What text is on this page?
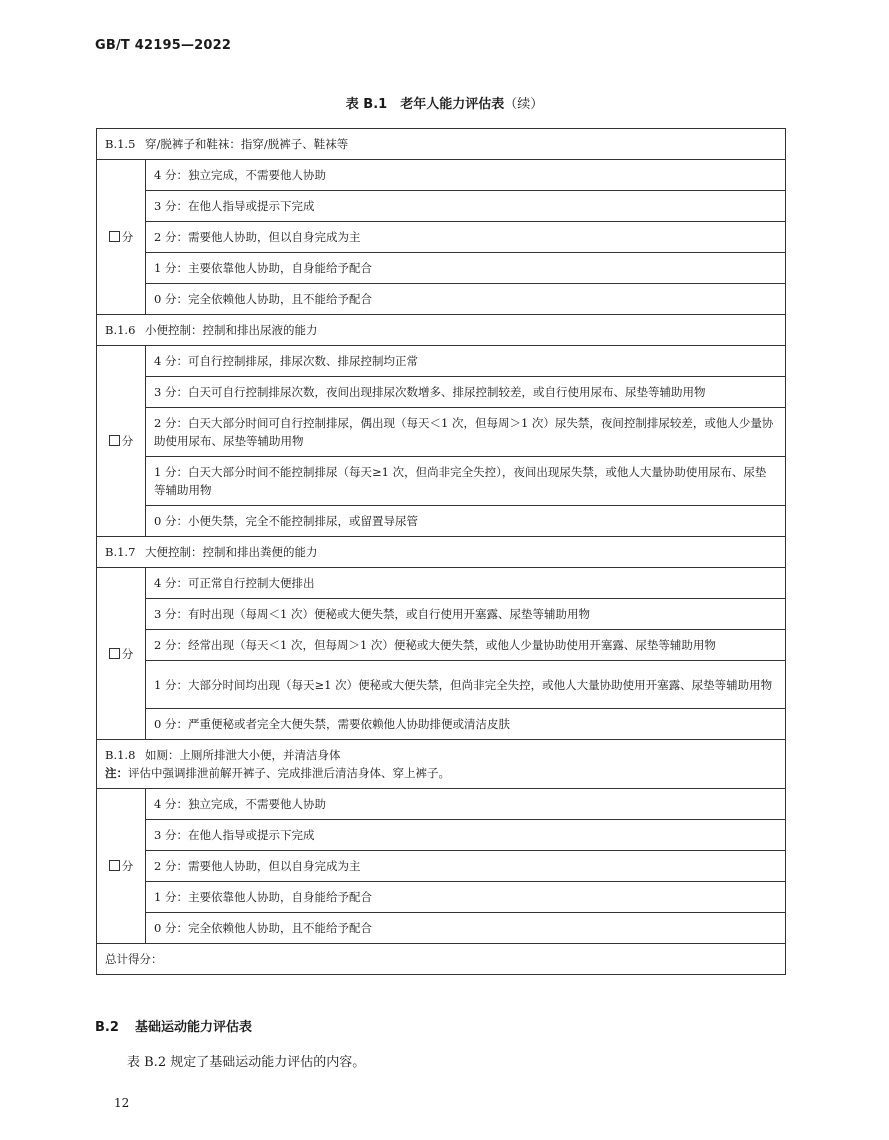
GB/T 42195—2022
表 B.1　老年人能力评估表（续）
B.1.5 穿/脱裤子和鞋袜：指穿/脱裤子、鞋袜等	
分	4 分：独立完成，不需要他人协助
	3 分：在他人指导或提示下完成
	2 分：需要他人协助，但以自身完成为主
	1 分：主要依靠他人协助，自身能给予配合
	0 分：完全依赖他人协助，且不能给予配合
B.1.6 小便控制：控制和排出尿液的能力	
分	4 分：可自行控制排尿，排尿次数、排尿控制均正常
	3 分：白天可自行控制排尿次数，夜间出现排尿次数增多、排尿控制较差，或自行使用尿布、尿垫等辅助用物
	2 分：白天大部分时间可自行控制排尿，偶出现（每天＜1 次，但每周＞1 次）尿失禁，夜间控制排尿较差，或他人少量协助使用尿布、尿垫等辅助用物
	1 分：白天大部分时间不能控制排尿（每天≥1 次，但尚非完全失控），夜间出现尿失禁，或他人大量协助使用尿布、尿垫等辅助用物
	0 分：小便失禁，完全不能控制排尿，或留置导尿管
B.1.7 大便控制：控制和排出粪便的能力	
分	4 分：可正常自行控制大便排出
	3 分：有时出现（每周＜1 次）便秘或大便失禁，或自行使用开塞露、尿垫等辅助用物
	2 分：经常出现（每天＜1 次，但每周＞1 次）便秘或大便失禁，或他人少量协助使用开塞露、尿垫等辅助用物
	1 分：大部分时间均出现（每天≥1 次）便秘或大便失禁，但尚非完全失控，或他人大量协助使用开塞露、尿垫等辅助用物
	0 分：严重便秘或者完全大便失禁，需要依赖他人协助排便或清洁皮肤
B.1.8 如厕：上厕所排泄大小便，并清洁身体
注：评估中强调排泄前解开裤子、完成排泄后清洁身体、穿上裤子。	
分	4 分：独立完成，不需要他人协助
	3 分：在他人指导或提示下完成
	2 分：需要他人协助，但以自身完成为主
	1 分：主要依靠他人协助，自身能给予配合
	0 分：完全依赖他人协助，且不能给予配合
总计得分：	
B.2 基础运动能力评估表
表 B.2 规定了基础运动能力评估的内容。
12
